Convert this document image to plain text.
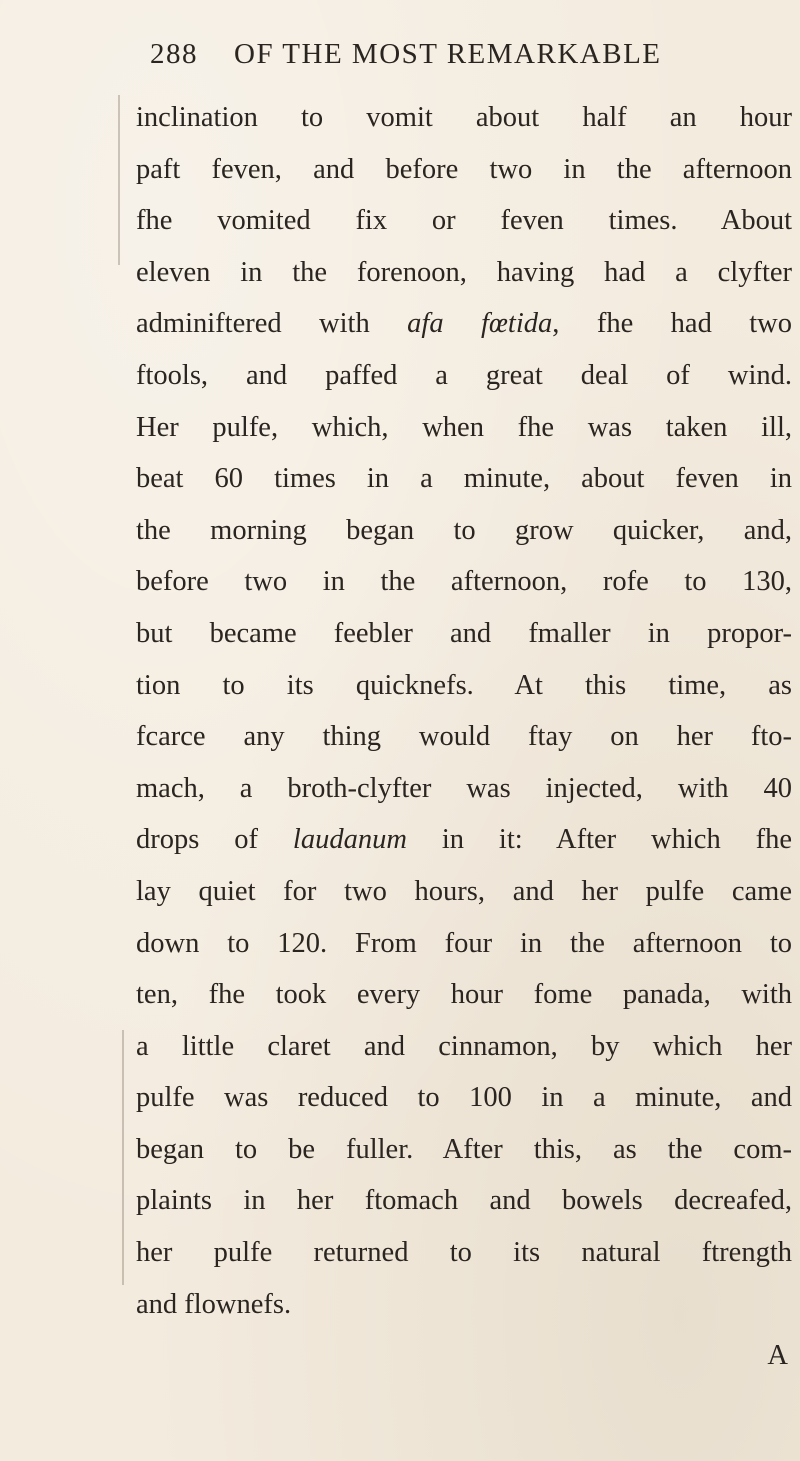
288 OF THE MOST REMARKABLE
inclination to vomit about half an hour
paft feven, and before two in the afternoon
fhe vomited fix or feven times. About
eleven in the forenoon, having had a clyfter
adminiftered with afa fœtida, fhe had two
ftools, and paffed a great deal of wind.
Her pulfe, which, when fhe was taken ill,
beat 60 times in a minute, about feven in
the morning began to grow quicker, and,
before two in the afternoon, rofe to 130,
but became feebler and fmaller in propor-
tion to its quicknefs. At this time, as
fcarce any thing would ftay on her fto-
mach, a broth-clyfter was injected, with 40
drops of laudanum in it: After which fhe
lay quiet for two hours, and her pulfe came
down to 120. From four in the afternoon to
ten, fhe took every hour fome panada, with
a little claret and cinnamon, by which her
pulfe was reduced to 100 in a minute, and
began to be fuller. After this, as the com-
plaints in her ftomach and bowels decreafed,
her pulfe returned to its natural ftrength
and flownefs.
A
